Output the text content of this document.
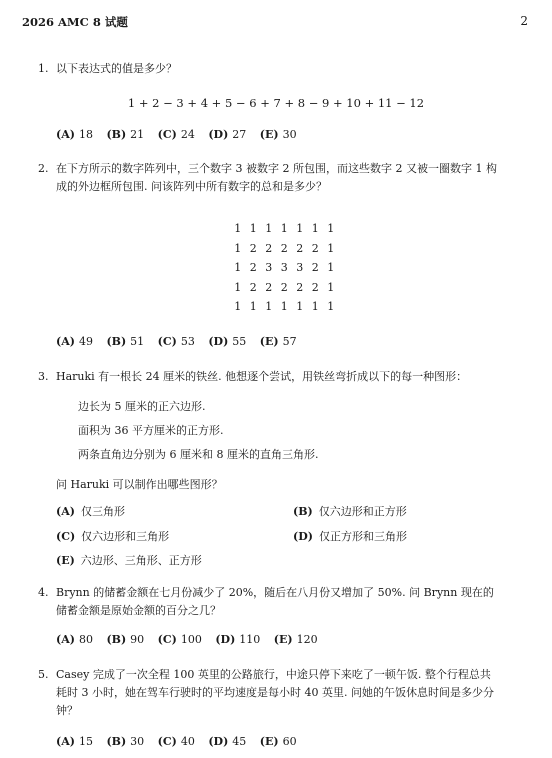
2026 AMC 8 试题	2
1. 以下表达式的值是多少？
1 + 2 − 3 + 4 + 5 − 6 + 7 + 8 − 9 + 10 + 11 − 12
(A) 18 (B) 21 (C) 24 (D) 27 (E) 30
2. 在下方所示的数字阵列中，三个数字 3 被数字 2 所包围，而这些数字 2 又被一圈数字 1 构
成的外边框所包围. 问该阵列中所有数字的总和是多少？
1 1 1 1 1 1 1
1 2 2 2 2 2 1
1 2 3 3 3 2 1
1 2 2 2 2 2 1
1 1 1 1 1 1 1
(A) 49 (B) 51 (C) 53 (D) 55 (E) 57
3. Haruki 有一根长 24 厘米的铁丝. 他想逐个尝试，用铁丝弯折成以下的每一种图形：
边长为 5 厘米的正六边形.
面积为 36 平方厘米的正方形.
两条直角边分别为 6 厘米和 8 厘米的直角三角形.
问 Haruki 可以制作出哪些图形？
(A) 仅三角形	(B) 仅六边形和正方形
(C) 仅六边形和三角形	(D) 仅正方形和三角形
(E) 六边形、三角形、正方形
4. Brynn 的储蓄金额在七月份减少了 20%，随后在八月份又增加了 50%. 问 Brynn 现在的
储蓄金额是原始金额的百分之几？
(A) 80 (B) 90 (C) 100 (D) 110 (E) 120
5. Casey 完成了一次全程 100 英里的公路旅行，中途只停下来吃了一顿午饭. 整个行程总共
耗时 3 小时，她在驾车行驶时的平均速度是每小时 40 英里. 问她的午饭休息时间是多少分
钟？
(A) 15 (B) 30 (C) 40 (D) 45 (E) 60
